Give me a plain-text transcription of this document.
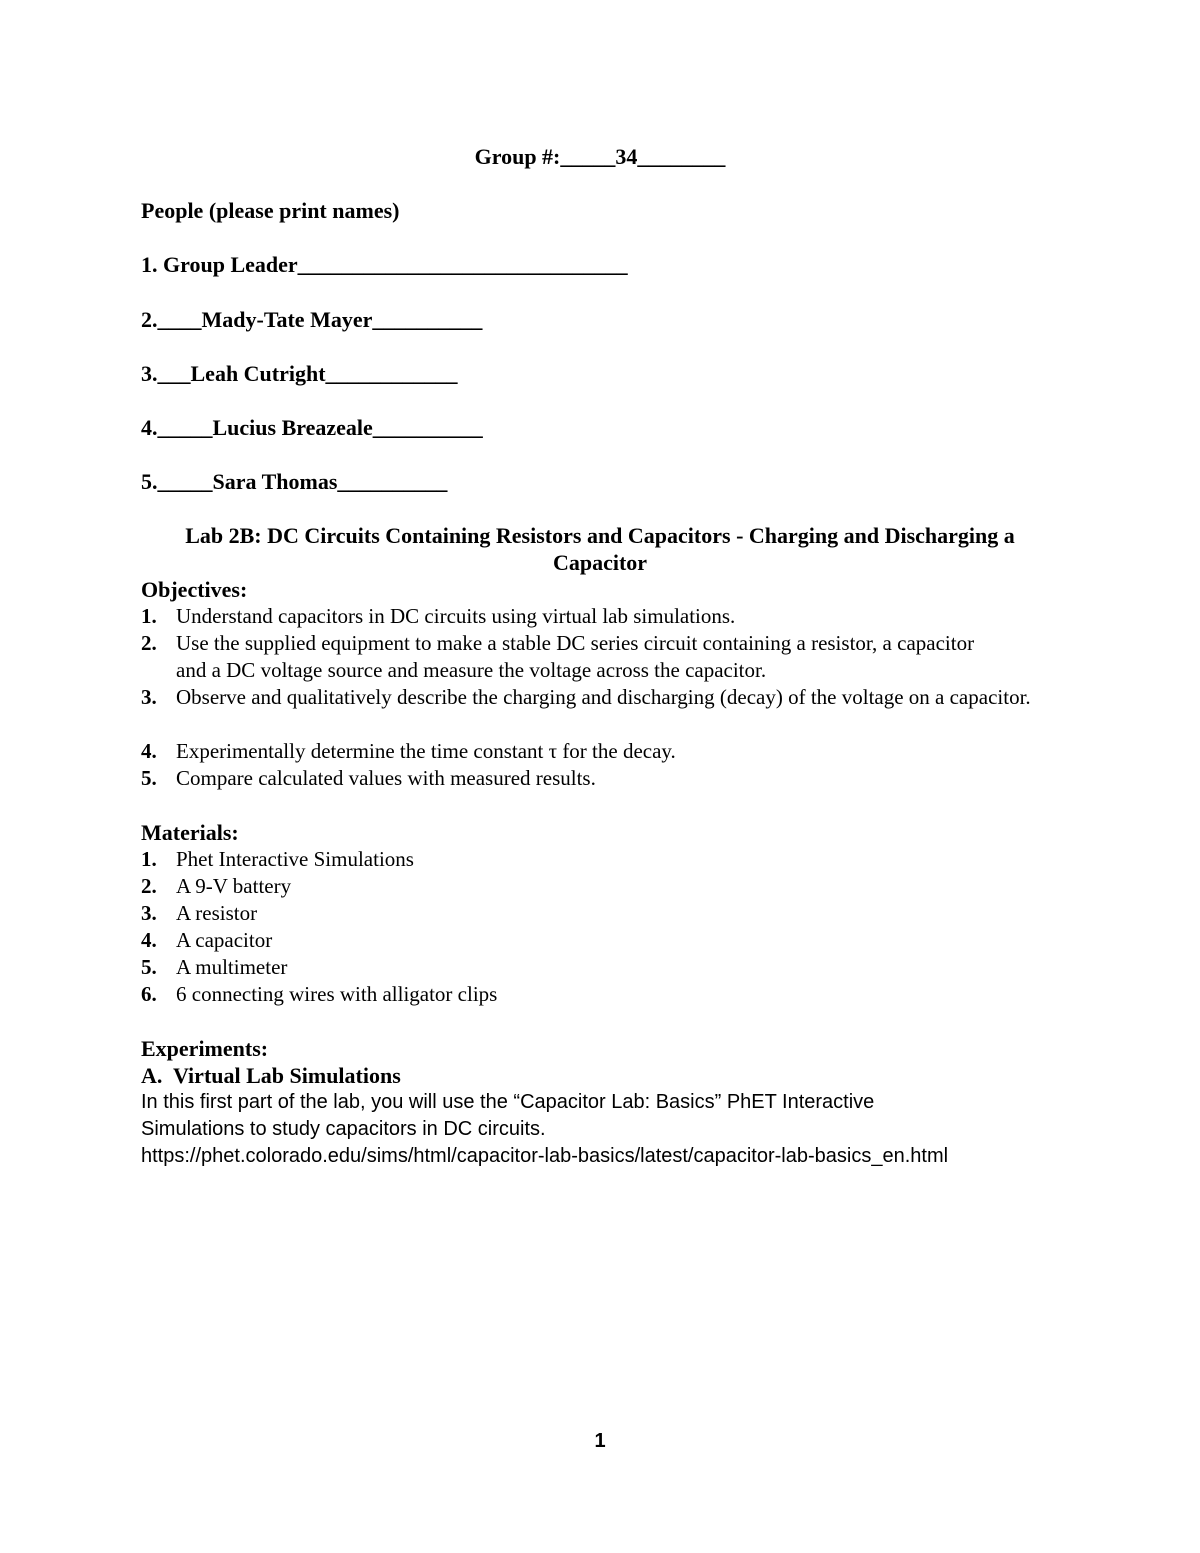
Group #:_____34________
People (please print names)
1. Group Leader______________________________
2.____Mady-Tate Mayer__________
3.___Leah Cutright____________
4._____Lucius Breazeale__________
5._____Sara Thomas__________
Lab 2B: DC Circuits Containing Resistors and Capacitors - Charging and Discharging a
Capacitor
Objectives:
1. Understand capacitors in DC circuits using virtual lab simulations.
2. Use the supplied equipment to make a stable DC series circuit containing a resistor, a capacitor and a DC voltage source and measure the voltage across the capacitor.
3. Observe and qualitatively describe the charging and discharging (decay) of the voltage on a capacitor.
4. Experimentally determine the time constant τ for the decay.
5. Compare calculated values with measured results.
Materials:
1. Phet Interactive Simulations
2. A 9-V battery
3. A resistor
4. A capacitor
5. A multimeter
6. 6 connecting wires with alligator clips
Experiments:
A.  Virtual Lab Simulations
In this first part of the lab, you will use the “Capacitor Lab: Basics” PhET Interactive
Simulations to study capacitors in DC circuits.
https://phet.colorado.edu/sims/html/capacitor-lab-basics/latest/capacitor-lab-basics_en.html
1
